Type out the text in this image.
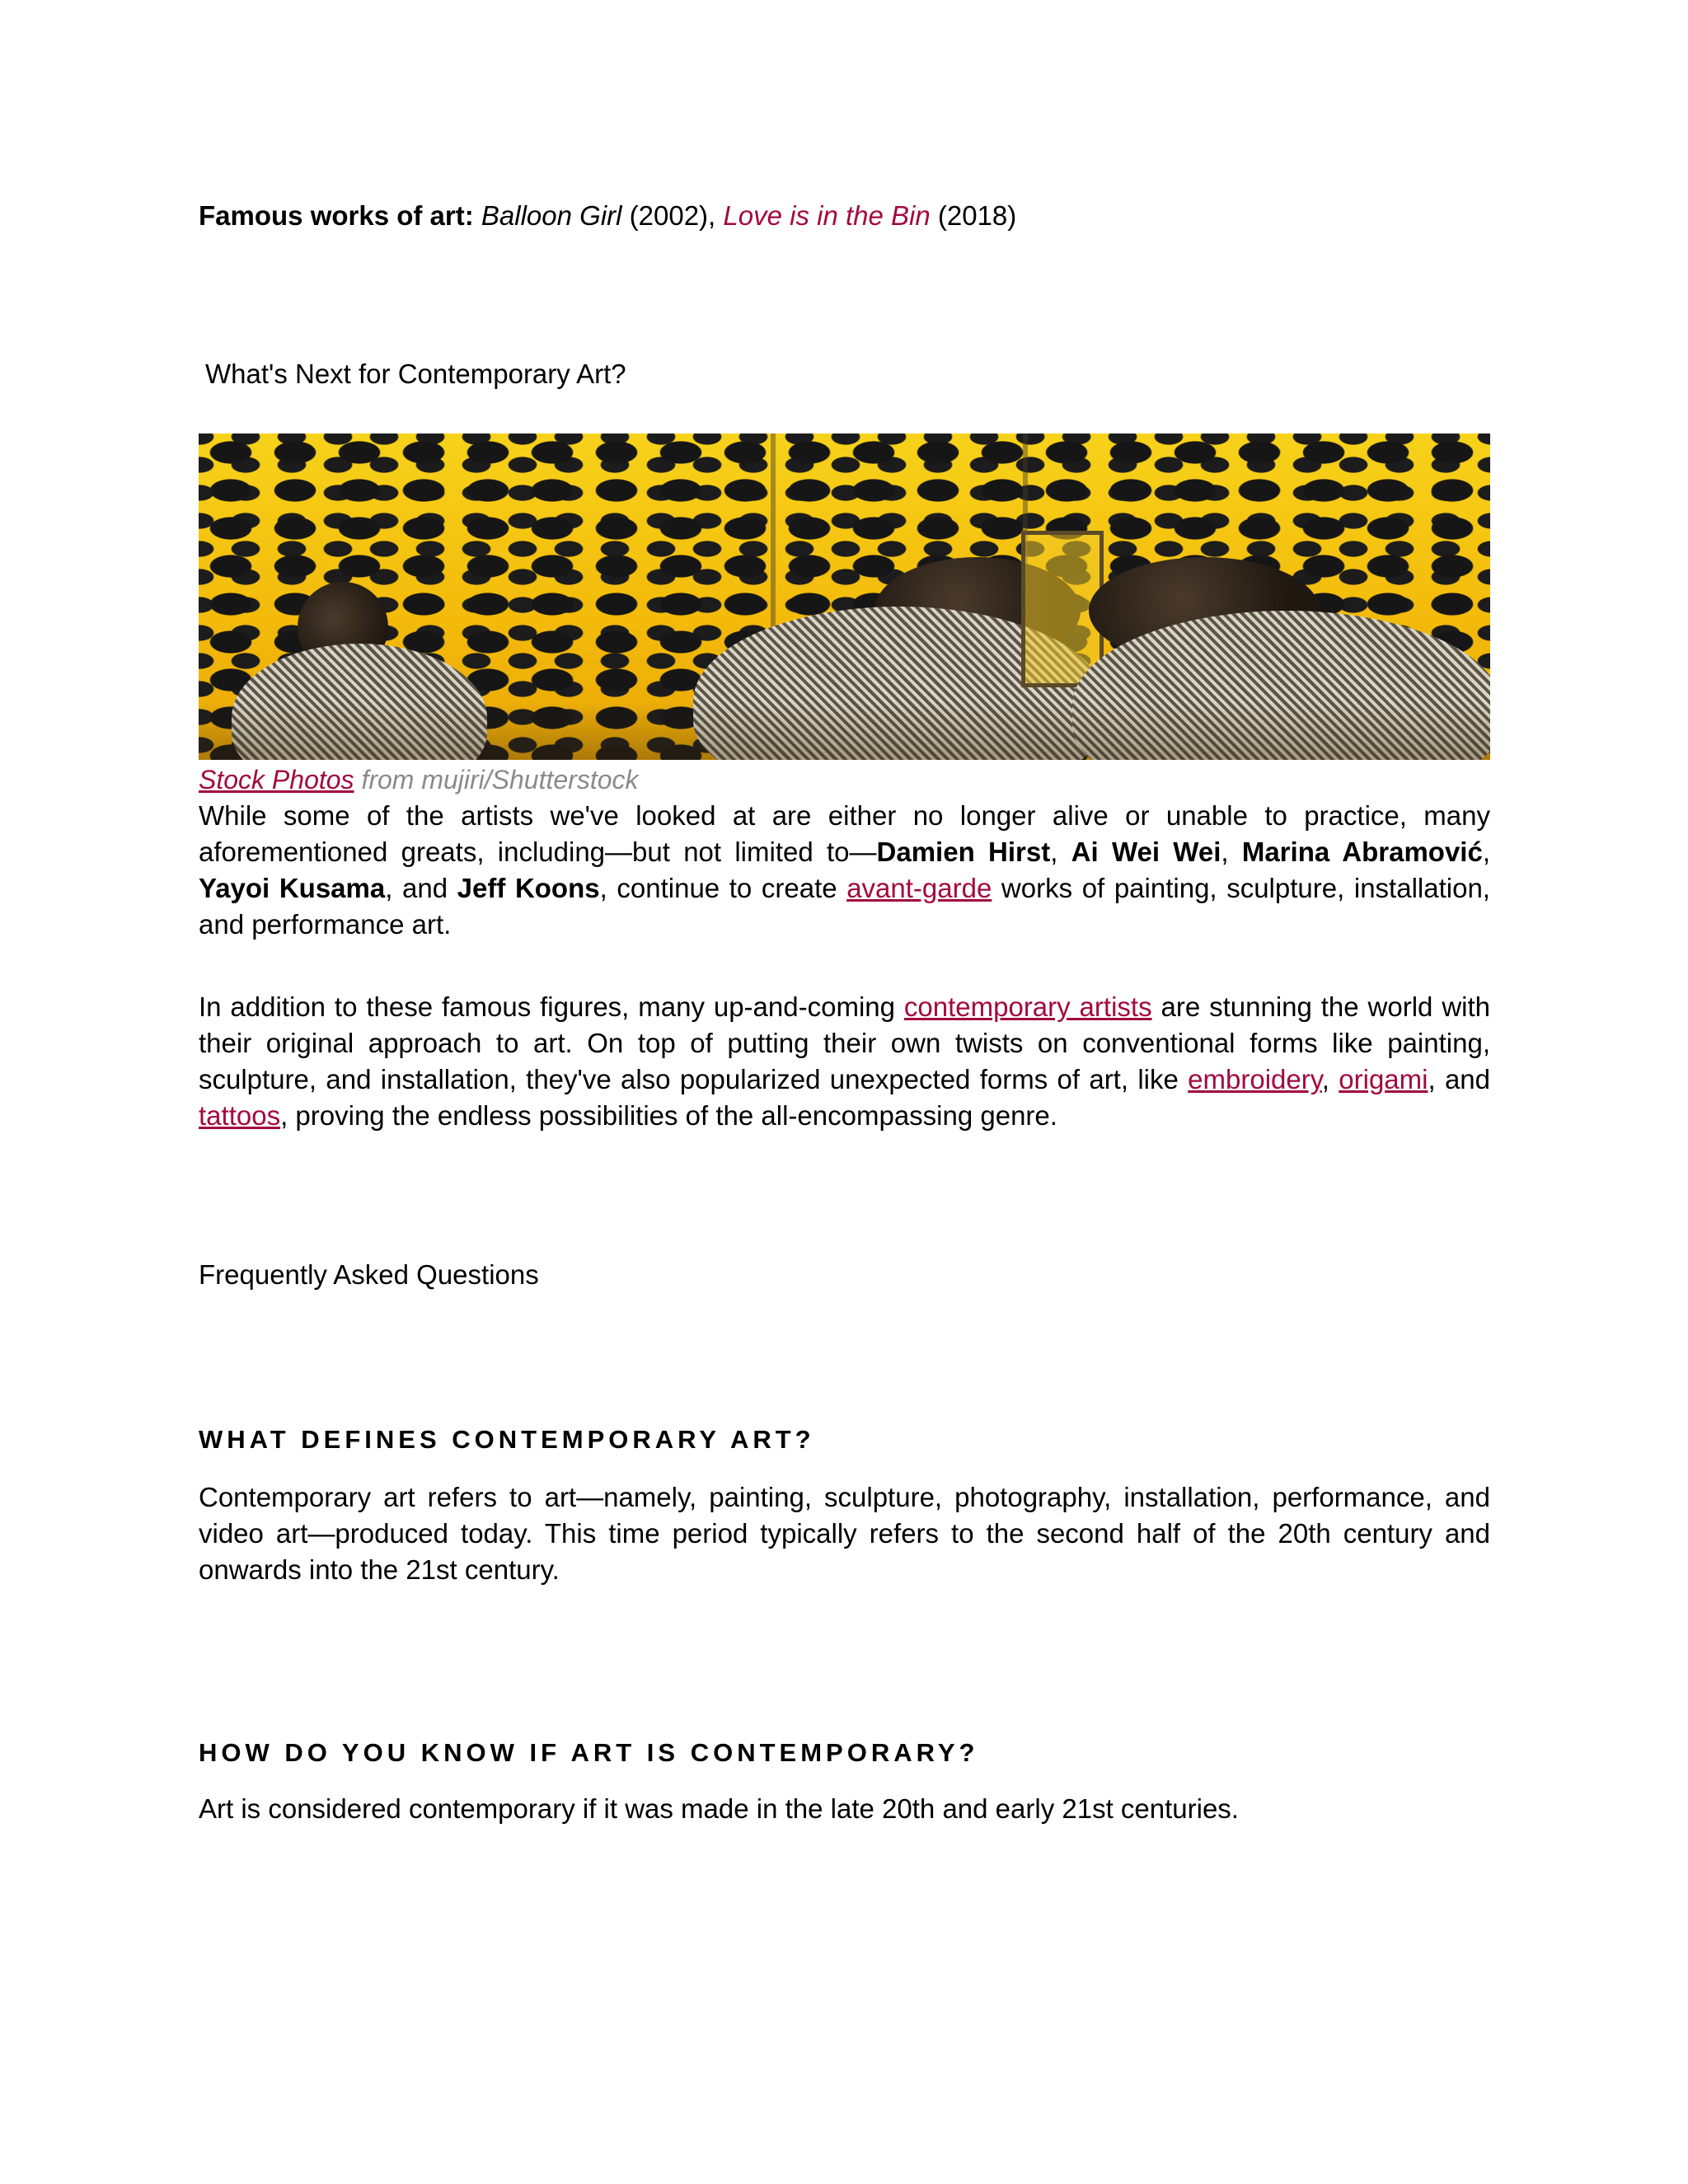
Famous works of art: Balloon Girl (2002), Love is in the Bin (2018)

What's Next for Contemporary Art?

Stock Photos from mujiri/Shutterstock

While some of the artists we've looked at are either no longer alive or unable to practice, many aforementioned greats, including—but not limited to—Damien Hirst, Ai Wei Wei, Marina Abramović, Yayoi Kusama, and Jeff Koons, continue to create avant-garde works of painting, sculpture, installation, and performance art.

In addition to these famous figures, many up-and-coming contemporary artists are stunning the world with their original approach to art. On top of putting their own twists on conventional forms like painting, sculpture, and installation, they've also popularized unexpected forms of art, like embroidery, origami, and tattoos, proving the endless possibilities of the all-encompassing genre.

Frequently Asked Questions

WHAT DEFINES CONTEMPORARY ART?

Contemporary art refers to art—namely, painting, sculpture, photography, installation, performance, and video art—produced today. This time period typically refers to the second half of the 20th century and onwards into the 21st century.

HOW DO YOU KNOW IF ART IS CONTEMPORARY?

Art is considered contemporary if it was made in the late 20th and early 21st centuries.
